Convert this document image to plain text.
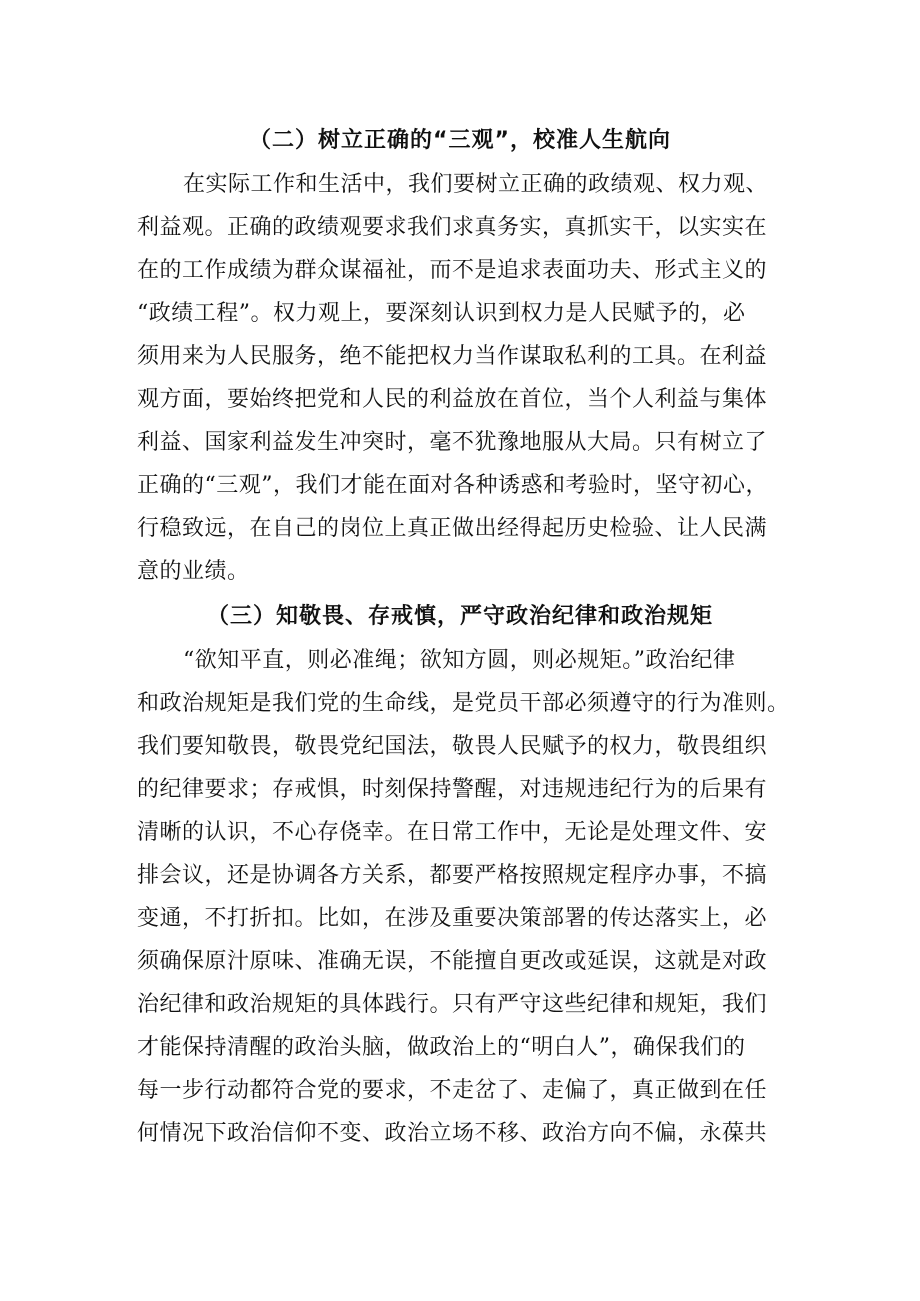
（二）树立正确的“三观”，校准人生航向
在实际工作和生活中，我们要树立正确的政绩观、权力观、
利益观。正确的政绩观要求我们求真务实，真抓实干，以实实在
在的工作成绩为群众谋福祉，而不是追求表面功夫、形式主义的
“政绩工程”。权力观上，要深刻认识到权力是人民赋予的，必
须用来为人民服务，绝不能把权力当作谋取私利的工具。在利益
观方面，要始终把党和人民的利益放在首位，当个人利益与集体
利益、国家利益发生冲突时，毫不犹豫地服从大局。只有树立了
正确的“三观”，我们才能在面对各种诱惑和考验时，坚守初心，
行稳致远，在自己的岗位上真正做出经得起历史检验、让人民满
意的业绩。
（三）知敬畏、存戒慎，严守政治纪律和政治规矩
“欲知平直，则必准绳；欲知方圆，则必规矩。”政治纪律
和政治规矩是我们党的生命线，是党员干部必须遵守的行为准则。
我们要知敬畏，敬畏党纪国法，敬畏人民赋予的权力，敬畏组织
的纪律要求；存戒惧，时刻保持警醒，对违规违纪行为的后果有
清晰的认识，不心存侥幸。在日常工作中，无论是处理文件、安
排会议，还是协调各方关系，都要严格按照规定程序办事，不搞
变通，不打折扣。比如，在涉及重要决策部署的传达落实上，必
须确保原汁原味、准确无误，不能擅自更改或延误，这就是对政
治纪律和政治规矩的具体践行。只有严守这些纪律和规矩，我们
才能保持清醒的政治头脑，做政治上的“明白人”，确保我们的
每一步行动都符合党的要求，不走岔了、走偏了，真正做到在任
何情况下政治信仰不变、政治立场不移、政治方向不偏，永葆共
